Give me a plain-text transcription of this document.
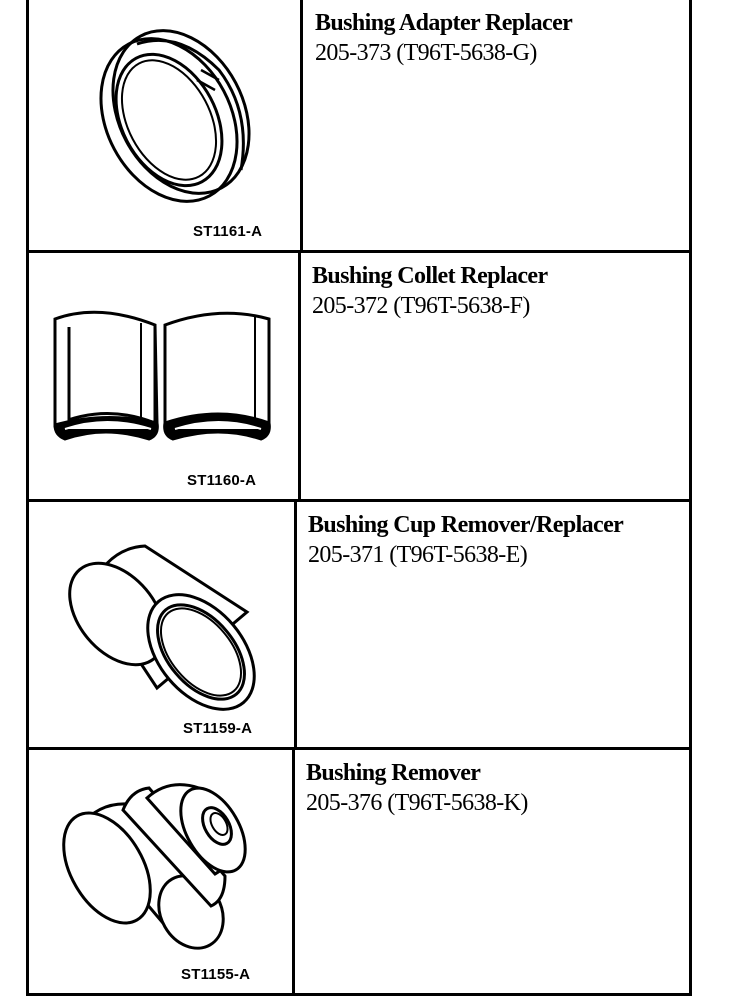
ST1161-A
Bushing Adapter Replacer
205-373 (T96T-5638-G)
ST1160-A
Bushing Collet Replacer
205-372 (T96T-5638-F)
ST1159-A
Bushing Cup Remover/Replacer
205-371 (T96T-5638-E)
ST1155-A
Bushing Remover
205-376 (T96T-5638-K)
